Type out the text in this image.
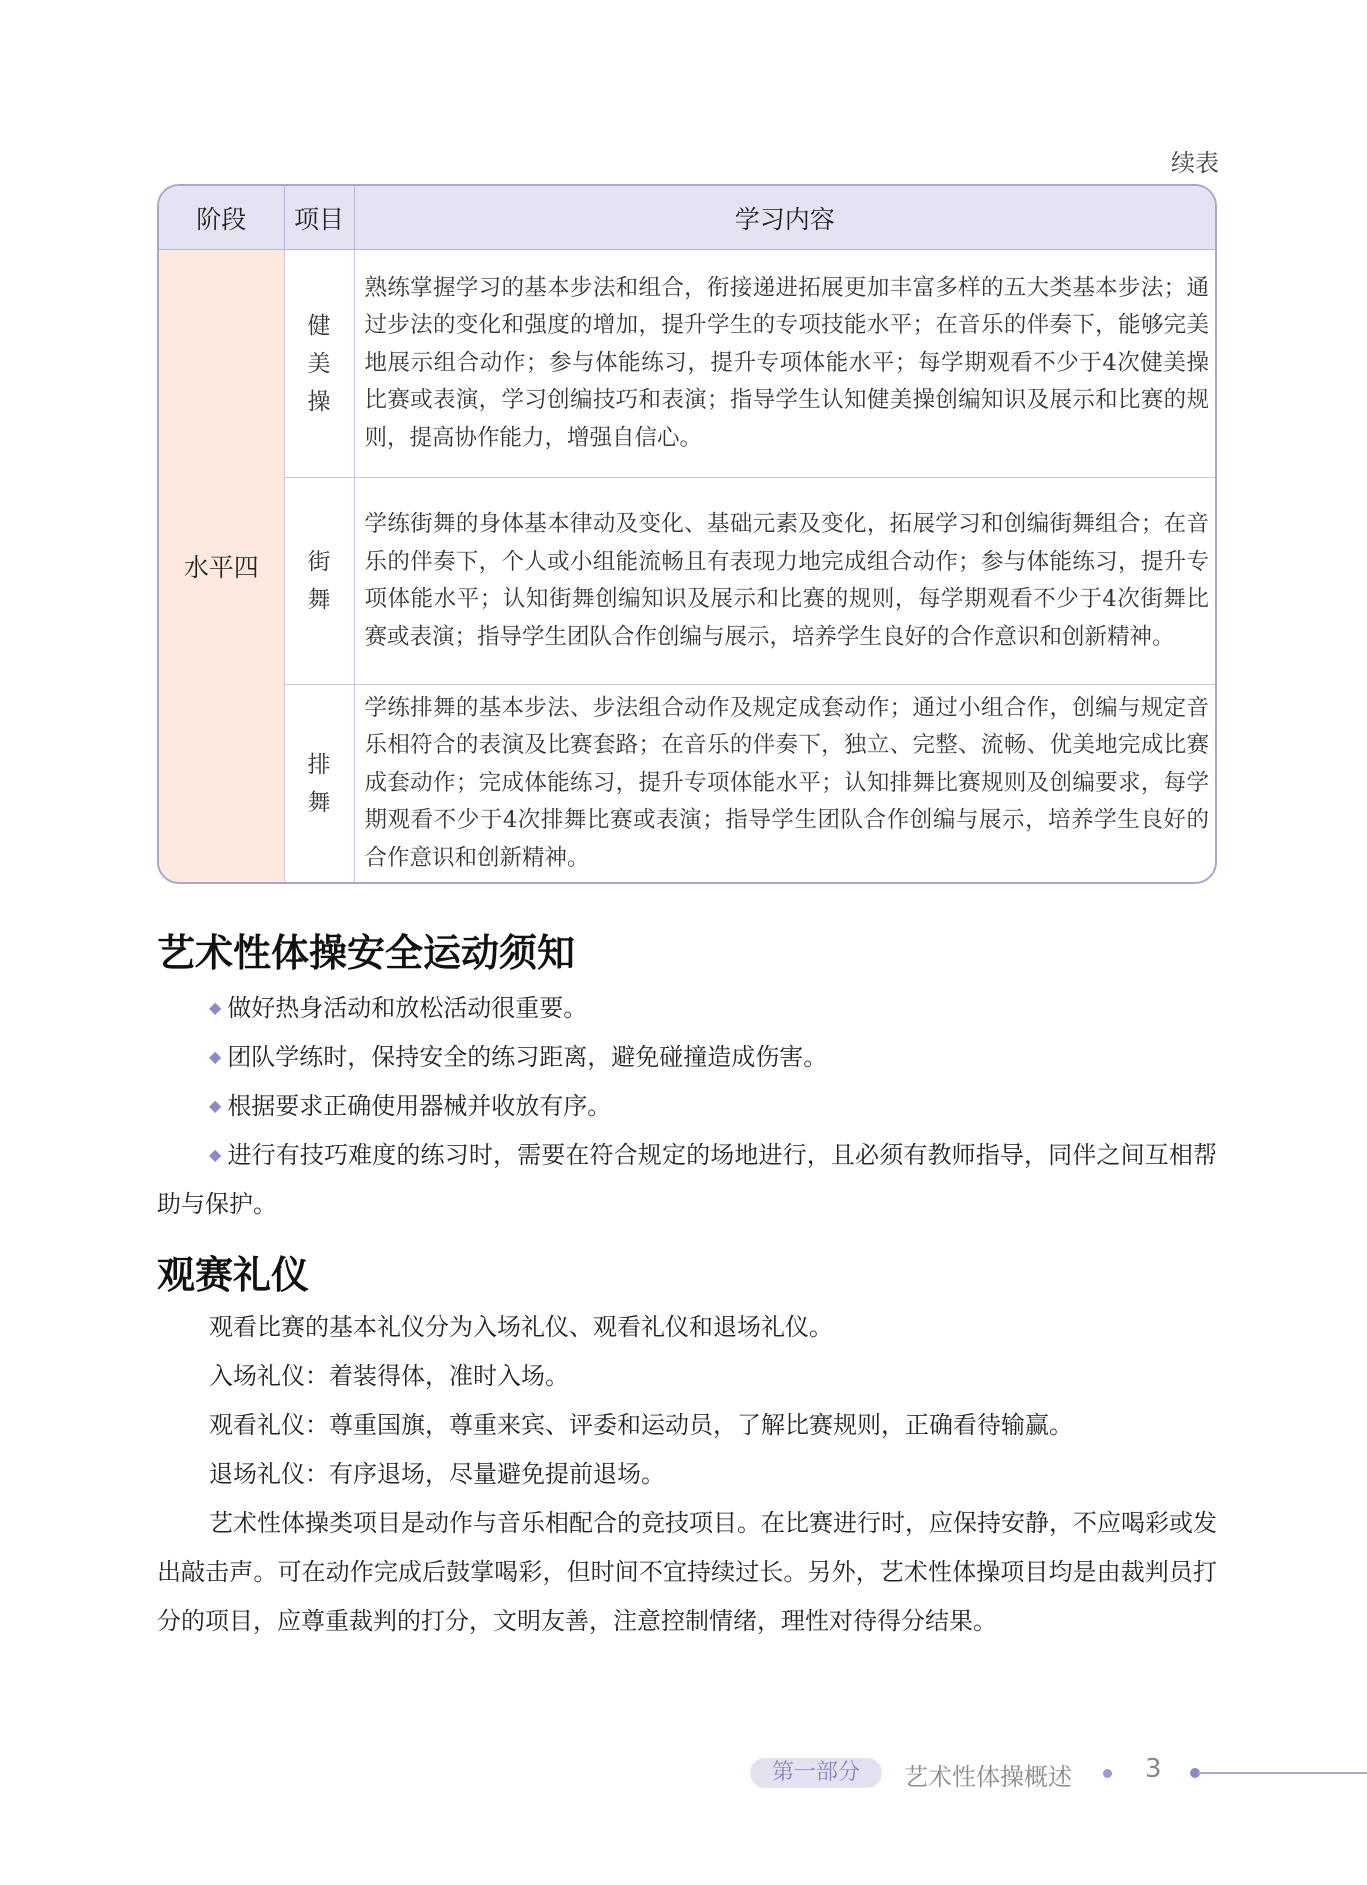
续表
阶段	项目	学习内容
水平四	健美操	熟练掌握学习的基本步法和组合，衔接递进拓展更加丰富多样的五大类基本步法；通过步法的变化和强度的增加，提升学生的专项技能水平；在音乐的伴奏下，能够完美地展示组合动作；参与体能练习，提升专项体能水平；每学期观看不少于4次健美操比赛或表演，学习创编技巧和表演；指导学生认知健美操创编知识及展示和比赛的规则，提高协作能力，增强自信心。
	街舞	学练街舞的身体基本律动及变化、基础元素及变化，拓展学习和创编街舞组合；在音乐的伴奏下，个人或小组能流畅且有表现力地完成组合动作；参与体能练习，提升专项体能水平；认知街舞创编知识及展示和比赛的规则，每学期观看不少于4次街舞比赛或表演；指导学生团队合作创编与展示，培养学生良好的合作意识和创新精神。
	排舞	学练排舞的基本步法、步法组合动作及规定成套动作；通过小组合作，创编与规定音乐相符合的表演及比赛套路；在音乐的伴奏下，独立、完整、流畅、优美地完成比赛成套动作；完成体能练习，提升专项体能水平；认知排舞比赛规则及创编要求，每学期观看不少于4次排舞比赛或表演；指导学生团队合作创编与展示，培养学生良好的合作意识和创新精神。
艺术性体操安全运动须知

◆ 做好热身活动和放松活动很重要。

◆ 团队学练时，保持安全的练习距离，避免碰撞造成伤害。

◆ 根据要求正确使用器械并收放有序。

◆ 进行有技巧难度的练习时，需要在符合规定的场地进行，且必须有教师指导，同伴之间互相帮助与保护。

观赛礼仪

观看比赛的基本礼仪分为入场礼仪、观看礼仪和退场礼仪。

入场礼仪：着装得体，准时入场。

观看礼仪：尊重国旗，尊重来宾、评委和运动员，了解比赛规则，正确看待输赢。

退场礼仪：有序退场，尽量避免提前退场。

艺术性体操类项目是动作与音乐相配合的竞技项目。在比赛进行时，应保持安静，不应喝彩或发出敲击声。可在动作完成后鼓掌喝彩，但时间不宜持续过长。另外，艺术性体操项目均是由裁判员打分的项目，应尊重裁判的打分，文明友善，注意控制情绪，理性对待得分结果。

第一部分	艺术性体操概述	3
